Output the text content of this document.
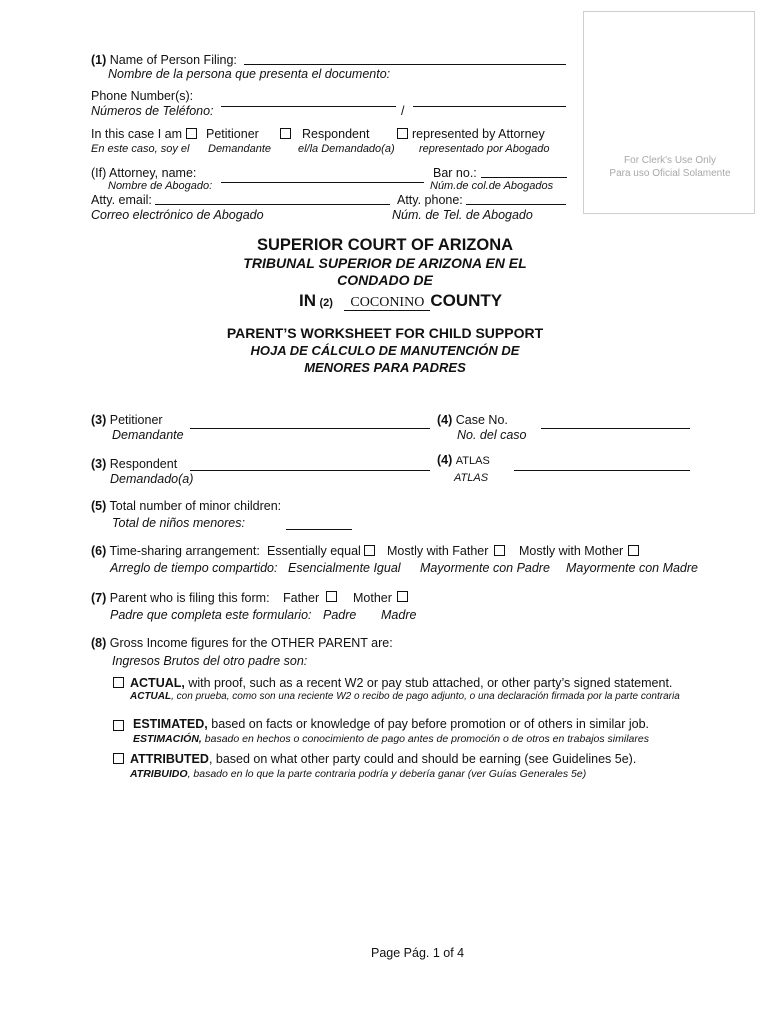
For Clerk's Use Only
Para uso Oficial Solamente
(1) Name of Person Filing:
Nombre de la persona que presenta el documento:
Phone Number(s):
Números de Teléfono:	/
In this case I am Petitioner	Respondent	represented by Attorney
En este caso, soy el Demandante el/la Demandado(a) representado por Abogado
(If) Attorney, name:
Nombre de Abogado:
Bar no.:
Núm.de col.de Abogados
Atty. email:	Atty. phone:
Correo electrónico de Abogado	Núm. de Tel. de Abogado
SUPERIOR COURT OF ARIZONA
TRIBUNAL SUPERIOR DE ARIZONA EN EL
CONDADO DE
IN (2) COCONINO COUNTY
PARENT’S WORKSHEET FOR CHILD SUPPORT
HOJA DE CÁLCULO DE MANUTENCIÓN DE
MENORES PARA PADRES
(3) Petitioner
Demandante
(4) Case No.
No. del caso
(3) Respondent
Demandado(a)
(4) ATLAS
ATLAS
(5) Total number of minor children:
Total de niños menores:
(6) Time-sharing arrangement: Essentially equal Mostly with Father Mostly with Mother
Arreglo de tiempo compartido: Esencialmente Igual Mayormente con Padre Mayormente con Madre
(7) Parent who is filing this form: Father	Mother
Padre que completa este formulario: Padre Madre
(8) Gross Income figures for the OTHER PARENT are:
Ingresos Brutos del otro padre son:
ACTUAL, with proof, such as a recent W2 or pay stub attached, or other party’s signed statement.
ACTUAL, con prueba, como son una reciente W2 o recibo de pago adjunto, o una declaración firmada por la parte contraria
ESTIMATED, based on facts or knowledge of pay before promotion or of others in similar job.
ESTIMACIÓN, basado en hechos o conocimiento de pago antes de promoción o de otros en trabajos similares
ATTRIBUTED, based on what other party could and should be earning (see Guidelines 5e).
ATRIBUIDO, basado en lo que la parte contraria podría y debería ganar (ver Guías Generales 5e)
Page Pág. 1 of 4
